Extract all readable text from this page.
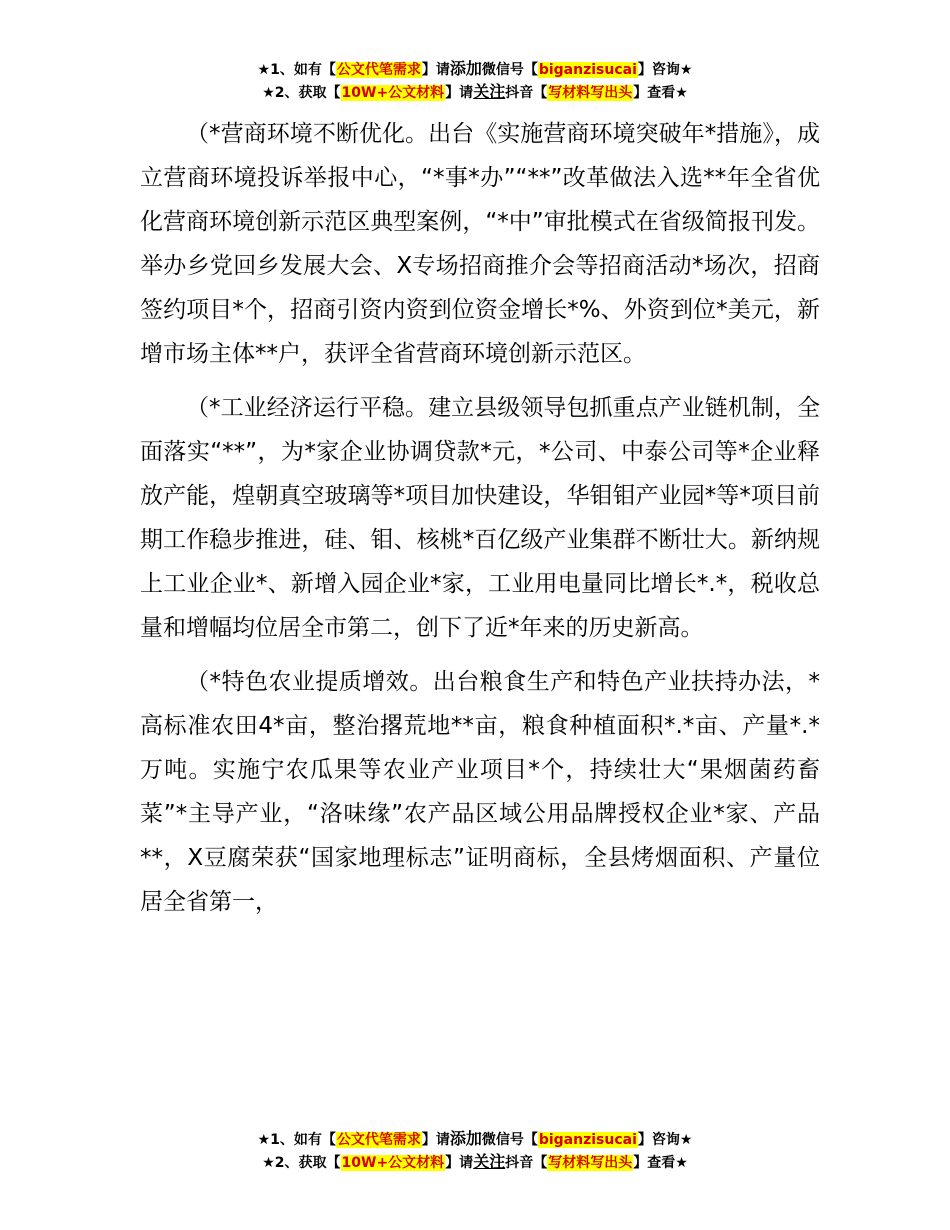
★1、如有【公文代笔需求】请添加微信号【biganzisucai】咨询★
★2、获取【10W+公文材料】请关注抖音【写材料写出头】查看★

（*营商环境不断优化。出台《实施营商环境突破年*措施》，成立营商环境投诉举报中心，“*事*办”“**”改革做法入选**年全省优化营商环境创新示范区典型案例，“*中”审批模式在省级简报刊发。举办乡党回乡发展大会、X专场招商推介会等招商活动*场次，招商签约项目*个，招商引资内资到位资金增长*%、外资到位*美元，新增市场主体**户，获评全省营商环境创新示范区。

（*工业经济运行平稳。建立县级领导包抓重点产业链机制，全面落实“**”，为*家企业协调贷款*元，*公司、中泰公司等*企业释放产能，煌朝真空玻璃等*项目加快建设，华钼钼产业园*等*项目前期工作稳步推进，硅、钼、核桃*百亿级产业集群不断壮大。新纳规上工业企业*、新增入园企业*家，工业用电量同比增长*.*，税收总量和增幅均位居全市第二，创下了近*年来的历史新高。

（*特色农业提质增效。出台粮食生产和特色产业扶持办法，*高标准农田4*亩，整治撂荒地**亩，粮食种植面积*.*亩、产量*.*万吨。实施宁农瓜果等农业产业项目*个，持续壮大“果烟菌药畜菜”*主导产业，“洛味缘”农产品区域公用品牌授权企业*家、产品**，X豆腐荣获“国家地理标志”证明商标，全县烤烟面积、产量位居全省第一，

★1、如有【公文代笔需求】请添加微信号【biganzisucai】咨询★
★2、获取【10W+公文材料】请关注抖音【写材料写出头】查看★
